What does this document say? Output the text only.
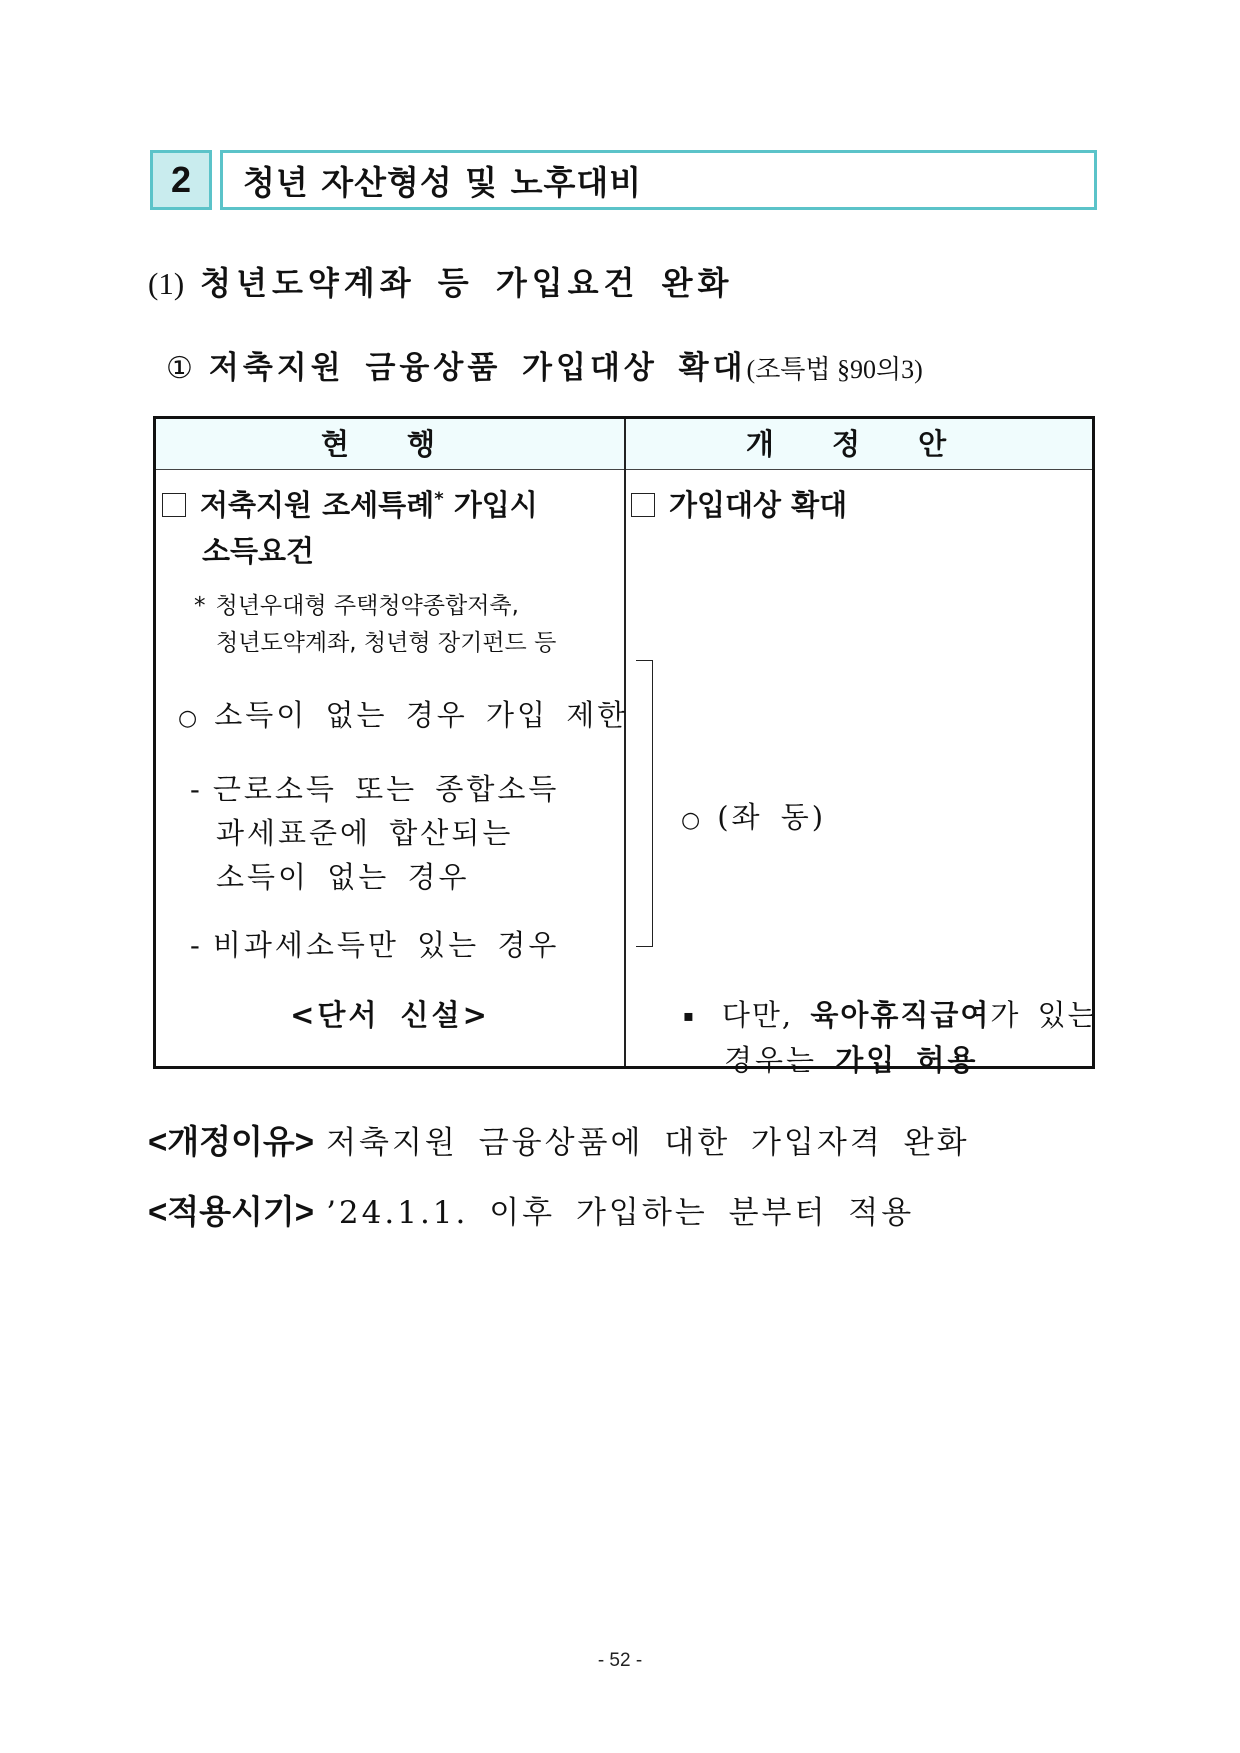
2 청년 자산형성 및 노후대비
(1) 청년도약계좌 등 가입요건 완화
① 저축지원 금융상품 가입대상 확대(조특법 §90의3)
현 행	개 정 안
저축지원 조세특례* 가입시
소득요건
* 청년우대형 주택청약종합저축,
청년도약계좌, 청년형 장기펀드 등
○ 소득이 없는 경우 가입 제한
- 근로소득 또는 종합소득
과세표준에 합산되는
소득이 없는 경우
- 비과세소득만 있는 경우
<단서 신설>
가입대상 확대
○ (좌 동)
▪ 다만, 육아휴직급여가 있는
경우는 가입 허용
<개정이유> 저축지원 금융상품에 대한 가입자격 완화
<적용시기> ’24.1.1. 이후 가입하는 분부터 적용
- 52 -
